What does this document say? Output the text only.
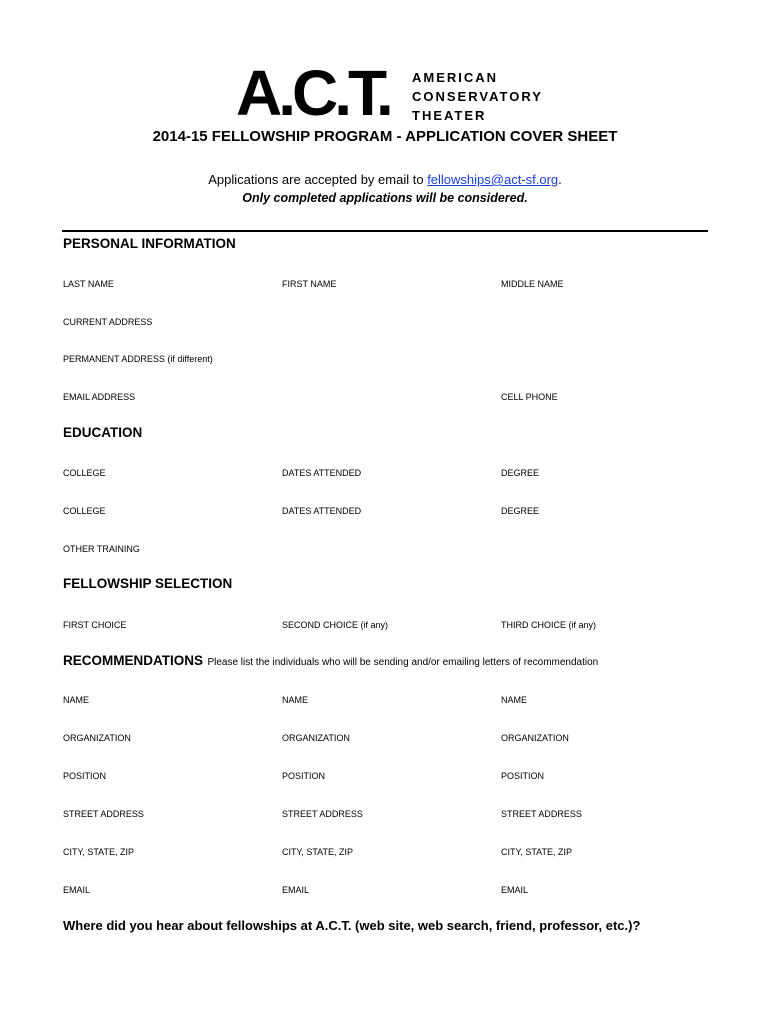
A.C.T. AMERICAN
CONSERVATORY
THEATER
2014-15 FELLOWSHIP PROGRAM - APPLICATION COVER SHEET
Applications are accepted by email to fellowships@act-sf.org.
Only completed applications will be considered.
PERSONAL INFORMATION
LAST NAME	FIRST NAME	MIDDLE NAME
CURRENT ADDRESS
PERMANENT ADDRESS (if different)
EMAIL ADDRESS	CELL PHONE
EDUCATION
COLLEGE	DATES ATTENDED	DEGREE
COLLEGE	DATES ATTENDED	DEGREE
OTHER TRAINING
FELLOWSHIP SELECTION
FIRST CHOICE	SECOND CHOICE (if any)	THIRD CHOICE (if any)
RECOMMENDATIONS Please list the individuals who will be sending and/or emailing letters of recommendation
NAME	NAME	NAME
ORGANIZATION	ORGANIZATION	ORGANIZATION
POSITION	POSITION	POSITION
STREET ADDRESS	STREET ADDRESS	STREET ADDRESS
CITY, STATE, ZIP	CITY, STATE, ZIP	CITY, STATE, ZIP
EMAIL	EMAIL	EMAIL
Where did you hear about fellowships at A.C.T. (web site, web search, friend, professor, etc.)?
